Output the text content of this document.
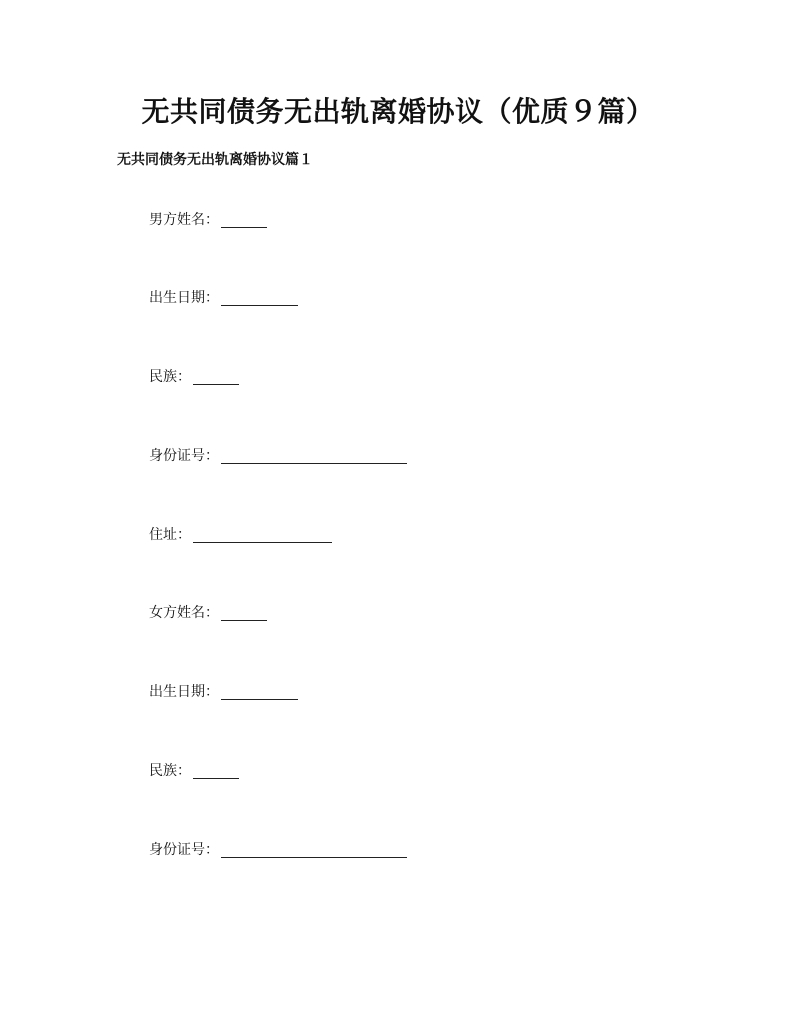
无共同债务无出轨离婚协议（优质９篇）
无共同债务无出轨离婚协议篇１
男方姓名：
出生日期：
民族：
身份证号：
住址：
女方姓名：
出生日期：
民族：
身份证号：
